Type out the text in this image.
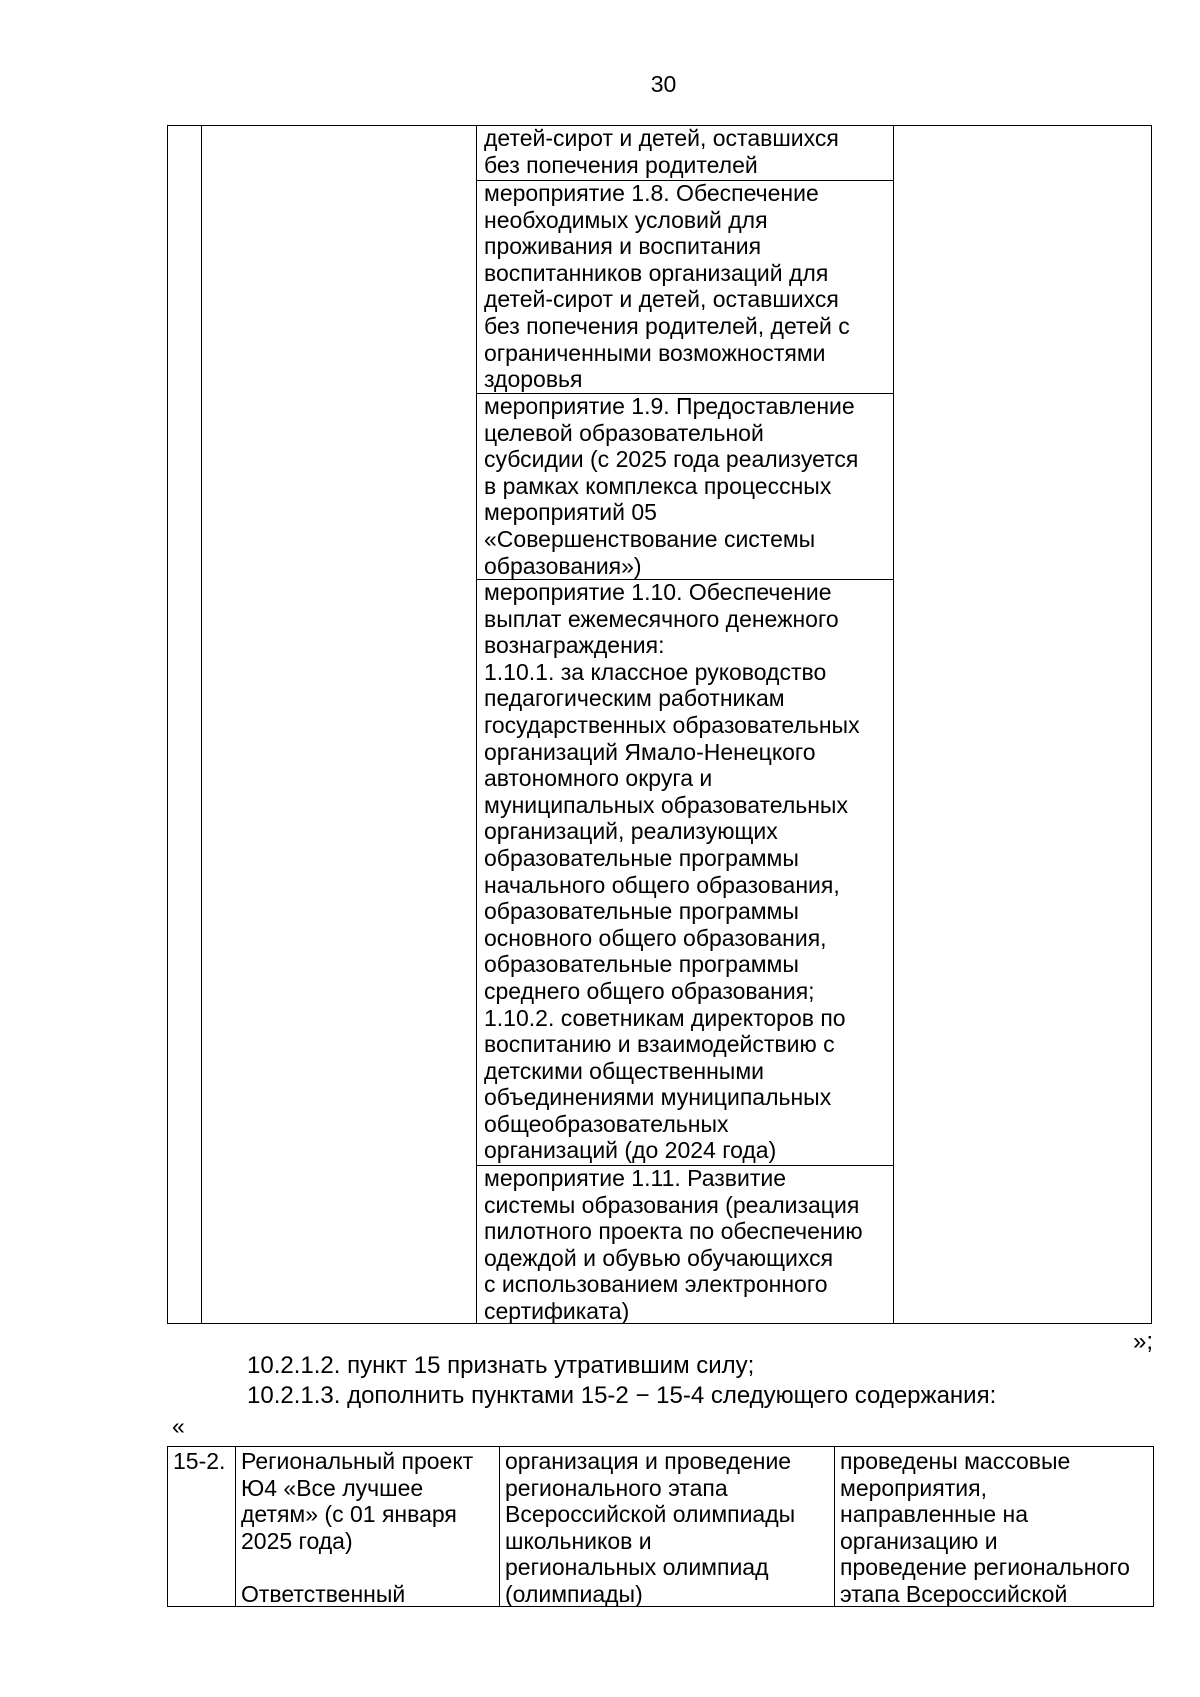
30
детей-сирот и детей, оставшихся
без попечения родителей
мероприятие 1.8. Обеспечение
необходимых условий для
проживания и воспитания
воспитанников организаций для
детей-сирот и детей, оставшихся
без попечения родителей, детей с
ограниченными возможностями
здоровья
мероприятие 1.9. Предоставление
целевой образовательной
субсидии (с 2025 года реализуется
в рамках комплекса процессных
мероприятий 05
«Совершенствование системы
образования»)
мероприятие 1.10. Обеспечение
выплат ежемесячного денежного
вознаграждения:
1.10.1. за классное руководство
педагогическим работникам
государственных образовательных
организаций Ямало-Ненецкого
автономного округа и
муниципальных образовательных
организаций, реализующих
образовательные программы
начального общего образования,
образовательные программы
основного общего образования,
образовательные программы
среднего общего образования;
1.10.2. советникам директоров по
воспитанию и взаимодействию с
детскими общественными
объединениями муниципальных
общеобразовательных
организаций (до 2024 года)
мероприятие 1.11. Развитие
системы образования (реализация
пилотного проекта по обеспечению
одеждой и обувью обучающихся
с использованием электронного
сертификата)
»;
10.2.1.2. пункт 15 признать утратившим силу;
10.2.1.3. дополнить пунктами 15-2 − 15-4 следующего содержания:
«
15-2. Региональный проект
Ю4 «Все лучшее
детям» (с 01 января
2025 года)
Ответственный
организация и проведение
регионального этапа
Всероссийской олимпиады
школьников и
региональных олимпиад
(олимпиады)
проведены массовые
мероприятия,
направленные на
организацию и
проведение регионального
этапа Всероссийской
